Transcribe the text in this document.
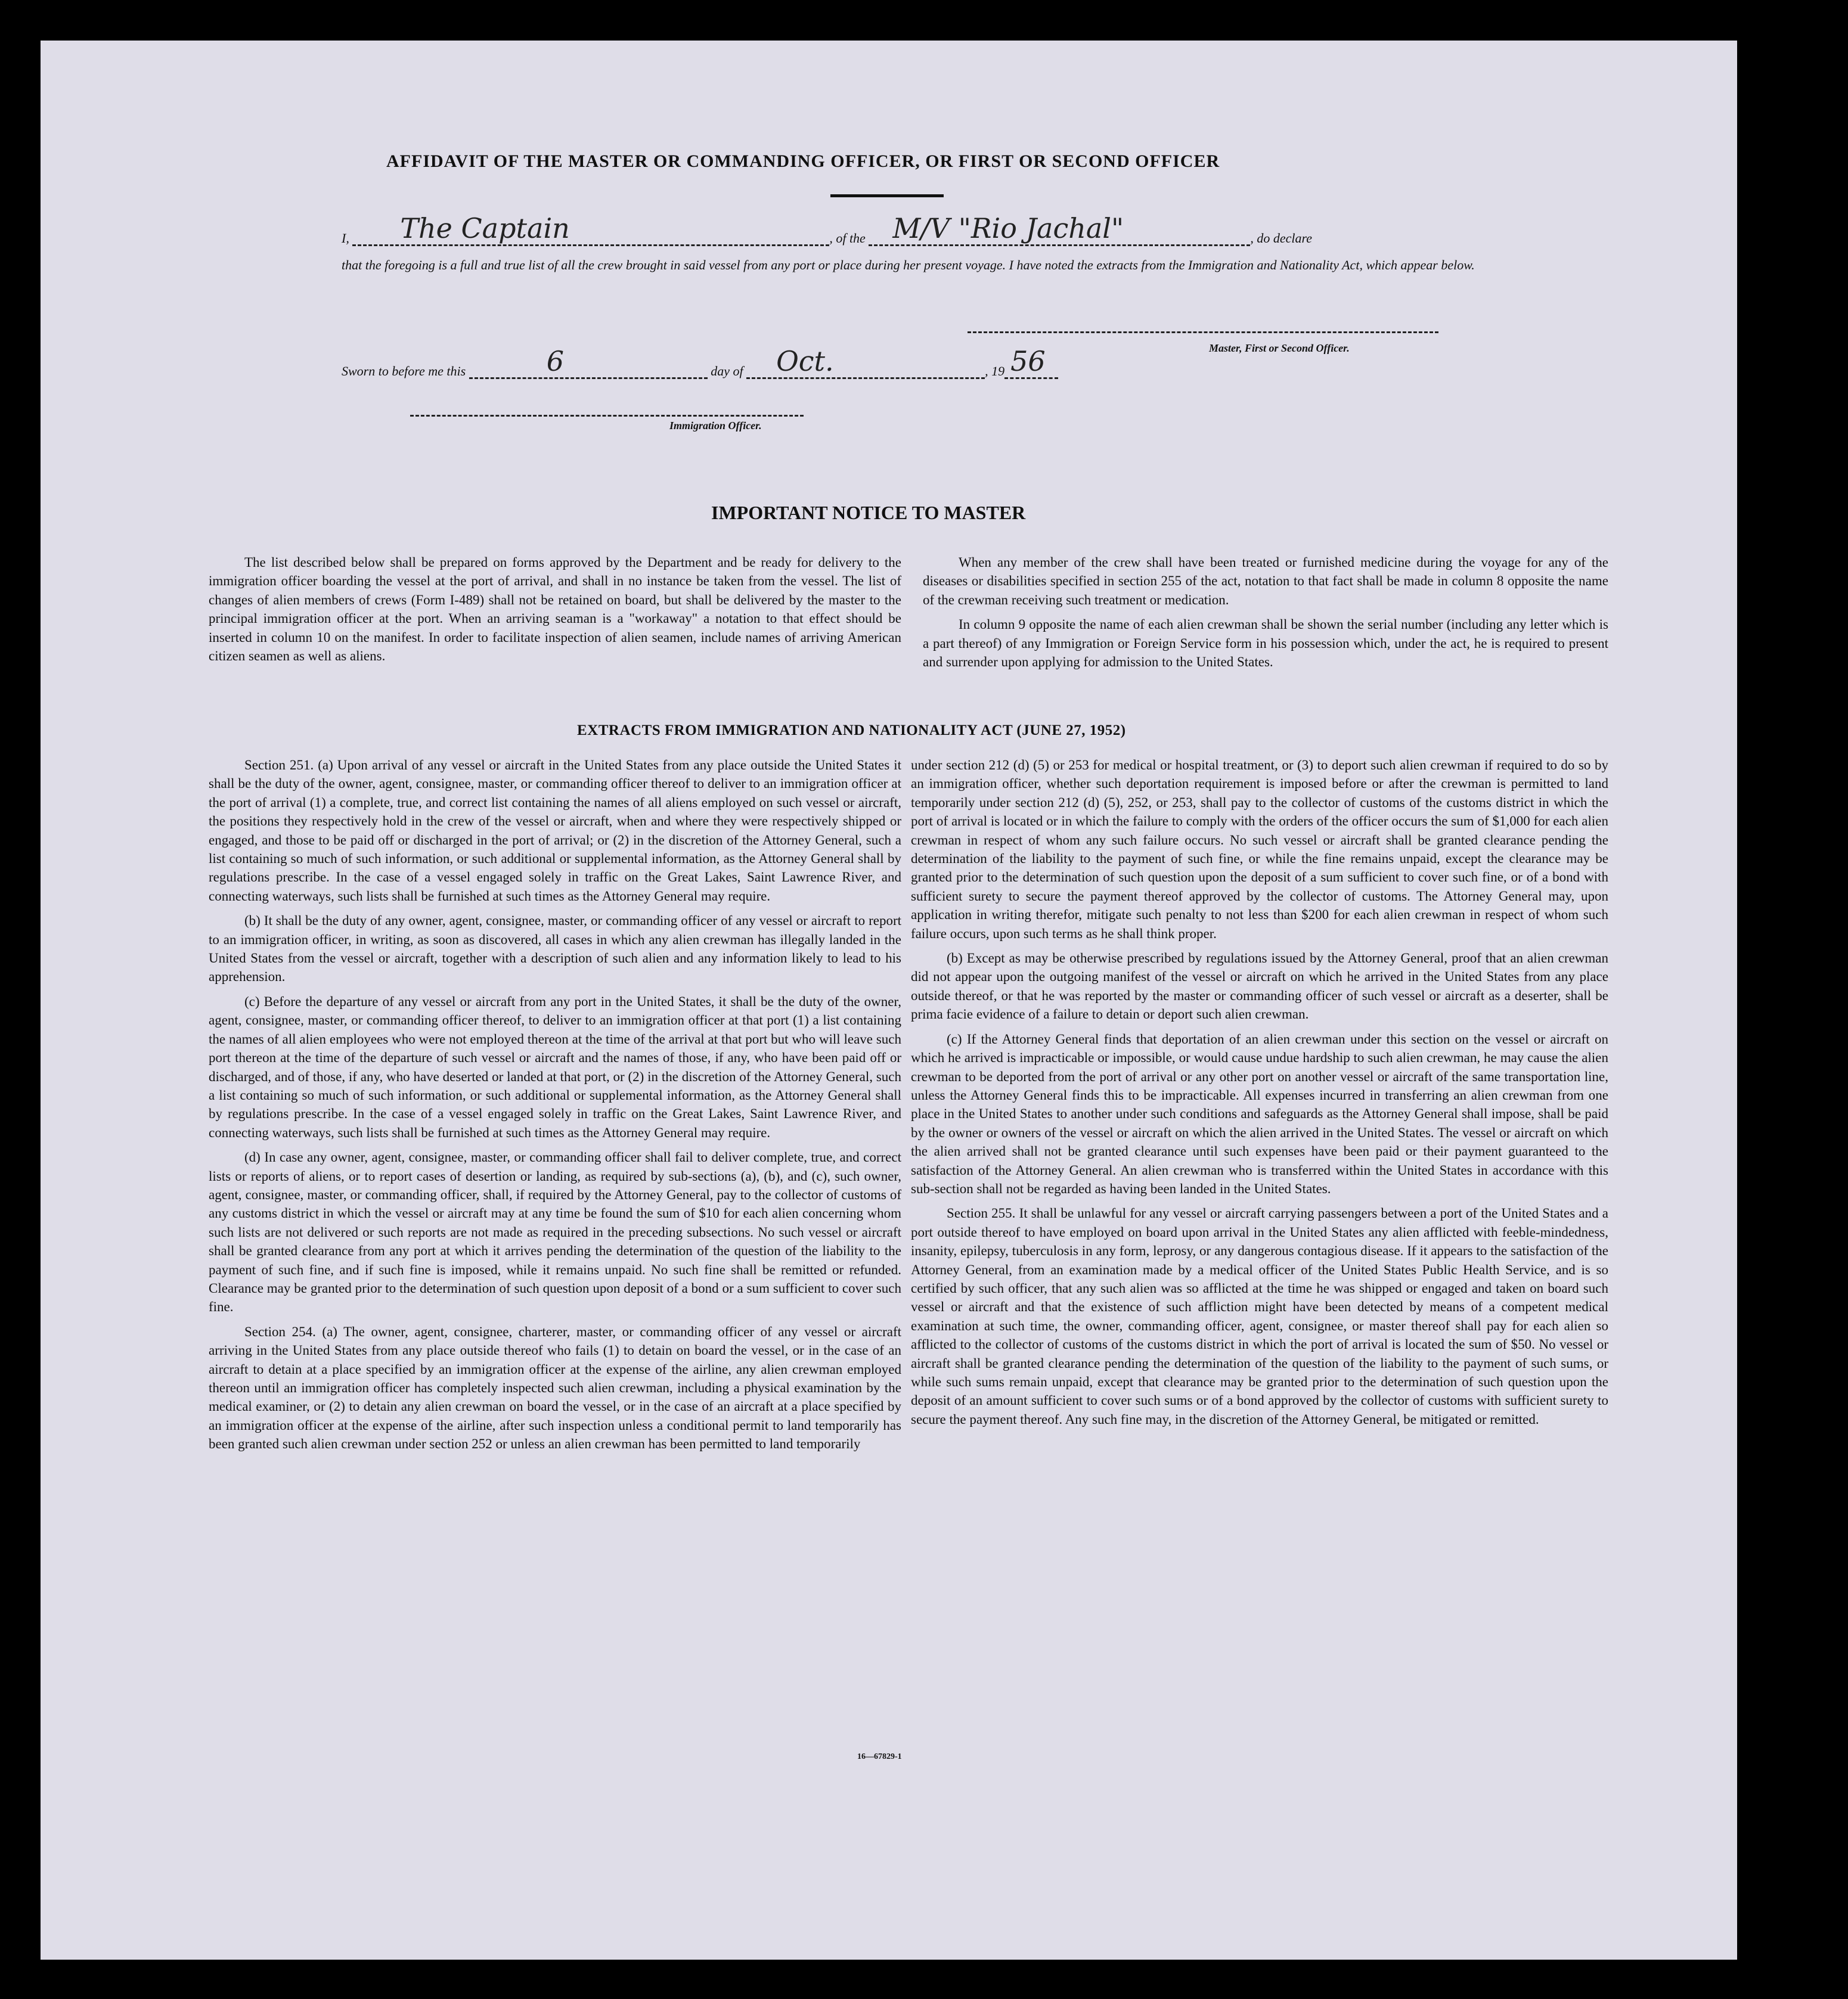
AFFIDAVIT OF THE MASTER OR COMMANDING OFFICER, OR FIRST OR SECOND OFFICER
I, The Captain	, of the M/V "Rio Jachal"	, do declare
that the foregoing is a full and true list of all the crew brought in said vessel from any port or place during her present voyage. I have noted the extracts from the Immigration and Nationality Act, which appear below.
Master, First or Second Officer.
Sworn to before me this	6	day of Oct.	, 19 56
Immigration Officer.
IMPORTANT NOTICE TO MASTER

The list described below shall be prepared on forms approved by the Department and be ready for delivery to the immigration officer boarding the vessel at the port of arrival, and shall in no instance be taken from the vessel. The list of changes of alien members of crews (Form I-489) shall not be retained on board, but shall be delivered by the master to the principal immigration officer at the port. When an arriving seaman is a "workaway" a notation to that effect should be inserted in column 10 on the manifest. In order to facilitate inspection of alien seamen, include names of arriving American citizen seamen as well as aliens.

When any member of the crew shall have been treated or furnished medicine during the voyage for any of the diseases or disabilities specified in section 255 of the act, notation to that fact shall be made in column 8 opposite the name of the crewman receiving such treatment or medication.

In column 9 opposite the name of each alien crewman shall be shown the serial number (including any letter which is a part thereof) of any Immigration or Foreign Service form in his possession which, under the act, he is required to present and surrender upon applying for admission to the United States.

EXTRACTS FROM IMMIGRATION AND NATIONALITY ACT (JUNE 27, 1952)

Section 251. (a) Upon arrival of any vessel or aircraft in the United States from any place outside the United States it shall be the duty of the owner, agent, consignee, master, or commanding officer thereof to deliver to an immigration officer at the port of arrival (1) a complete, true, and correct list containing the names of all aliens employed on such vessel or aircraft, the positions they respectively hold in the crew of the vessel or aircraft, when and where they were respectively shipped or engaged, and those to be paid off or discharged in the port of arrival; or (2) in the discretion of the Attorney General, such a list containing so much of such information, or such additional or supplemental information, as the Attorney General shall by regulations prescribe. In the case of a vessel engaged solely in traffic on the Great Lakes, Saint Lawrence River, and connecting waterways, such lists shall be furnished at such times as the Attorney General may require.

(b) It shall be the duty of any owner, agent, consignee, master, or commanding officer of any vessel or aircraft to report to an immigration officer, in writing, as soon as discovered, all cases in which any alien crewman has illegally landed in the United States from the vessel or aircraft, together with a description of such alien and any information likely to lead to his apprehension.

(c) Before the departure of any vessel or aircraft from any port in the United States, it shall be the duty of the owner, agent, consignee, master, or commanding officer thereof, to deliver to an immigration officer at that port (1) a list containing the names of all alien employees who were not employed thereon at the time of the arrival at that port but who will leave such port thereon at the time of the departure of such vessel or aircraft and the names of those, if any, who have been paid off or discharged, and of those, if any, who have deserted or landed at that port, or (2) in the discretion of the Attorney General, such a list containing so much of such information, or such additional or supplemental information, as the Attorney General shall by regulations prescribe. In the case of a vessel engaged solely in traffic on the Great Lakes, Saint Lawrence River, and connecting waterways, such lists shall be furnished at such times as the Attorney General may require.

(d) In case any owner, agent, consignee, master, or commanding officer shall fail to deliver complete, true, and correct lists or reports of aliens, or to report cases of desertion or landing, as required by sub-sections (a), (b), and (c), such owner, agent, consignee, master, or commanding officer, shall, if required by the Attorney General, pay to the collector of customs of any customs district in which the vessel or aircraft may at any time be found the sum of $10 for each alien concerning whom such lists are not delivered or such reports are not made as required in the preceding subsections. No such vessel or aircraft shall be granted clearance from any port at which it arrives pending the determination of the question of the liability to the payment of such fine, and if such fine is imposed, while it remains unpaid. No such fine shall be remitted or refunded. Clearance may be granted prior to the determination of such question upon deposit of a bond or a sum sufficient to cover such fine.

Section 254. (a) The owner, agent, consignee, charterer, master, or commanding officer of any vessel or aircraft arriving in the United States from any place outside thereof who fails (1) to detain on board the vessel, or in the case of an aircraft to detain at a place specified by an immigration officer at the expense of the airline, any alien crewman employed thereon until an immigration officer has completely inspected such alien crewman, including a physical examination by the medical examiner, or (2) to detain any alien crewman on board the vessel, or in the case of an aircraft at a place specified by an immigration officer at the expense of the airline, after such inspection unless a conditional permit to land temporarily has been granted such alien crewman under section 252 or unless an alien crewman has been permitted to land temporarily

under section 212 (d) (5) or 253 for medical or hospital treatment, or (3) to deport such alien crewman if required to do so by an immigration officer, whether such deportation requirement is imposed before or after the crewman is permitted to land temporarily under section 212 (d) (5), 252, or 253, shall pay to the collector of customs of the customs district in which the port of arrival is located or in which the failure to comply with the orders of the officer occurs the sum of $1,000 for each alien crewman in respect of whom any such failure occurs. No such vessel or aircraft shall be granted clearance pending the determination of the liability to the payment of such fine, or while the fine remains unpaid, except the clearance may be granted prior to the determination of such question upon the deposit of a sum sufficient to cover such fine, or of a bond with sufficient surety to secure the payment thereof approved by the collector of customs. The Attorney General may, upon application in writing therefor, mitigate such penalty to not less than $200 for each alien crewman in respect of whom such failure occurs, upon such terms as he shall think proper.

(b) Except as may be otherwise prescribed by regulations issued by the Attorney General, proof that an alien crewman did not appear upon the outgoing manifest of the vessel or aircraft on which he arrived in the United States from any place outside thereof, or that he was reported by the master or commanding officer of such vessel or aircraft as a deserter, shall be prima facie evidence of a failure to detain or deport such alien crewman.

(c) If the Attorney General finds that deportation of an alien crewman under this section on the vessel or aircraft on which he arrived is impracticable or impossible, or would cause undue hardship to such alien crewman, he may cause the alien crewman to be deported from the port of arrival or any other port on another vessel or aircraft of the same transportation line, unless the Attorney General finds this to be impracticable. All expenses incurred in transferring an alien crewman from one place in the United States to another under such conditions and safeguards as the Attorney General shall impose, shall be paid by the owner or owners of the vessel or aircraft on which the alien arrived in the United States. The vessel or aircraft on which the alien arrived shall not be granted clearance until such expenses have been paid or their payment guaranteed to the satisfaction of the Attorney General. An alien crewman who is transferred within the United States in accordance with this sub-section shall not be regarded as having been landed in the United States.

Section 255. It shall be unlawful for any vessel or aircraft carrying passengers between a port of the United States and a port outside thereof to have employed on board upon arrival in the United States any alien afflicted with feeble-mindedness, insanity, epilepsy, tuberculosis in any form, leprosy, or any dangerous contagious disease. If it appears to the satisfaction of the Attorney General, from an examination made by a medical officer of the United States Public Health Service, and is so certified by such officer, that any such alien was so afflicted at the time he was shipped or engaged and taken on board such vessel or aircraft and that the existence of such affliction might have been detected by means of a competent medical examination at such time, the owner, commanding officer, agent, consignee, or master thereof shall pay for each alien so afflicted to the collector of customs of the customs district in which the port of arrival is located the sum of $50. No vessel or aircraft shall be granted clearance pending the determination of the question of the liability to the payment of such sums, or while such sums remain unpaid, except that clearance may be granted prior to the determination of such question upon the deposit of an amount sufficient to cover such sums or of a bond approved by the collector of customs with sufficient surety to secure the payment thereof. Any such fine may, in the discretion of the Attorney General, be mitigated or remitted.

16—67829-1
